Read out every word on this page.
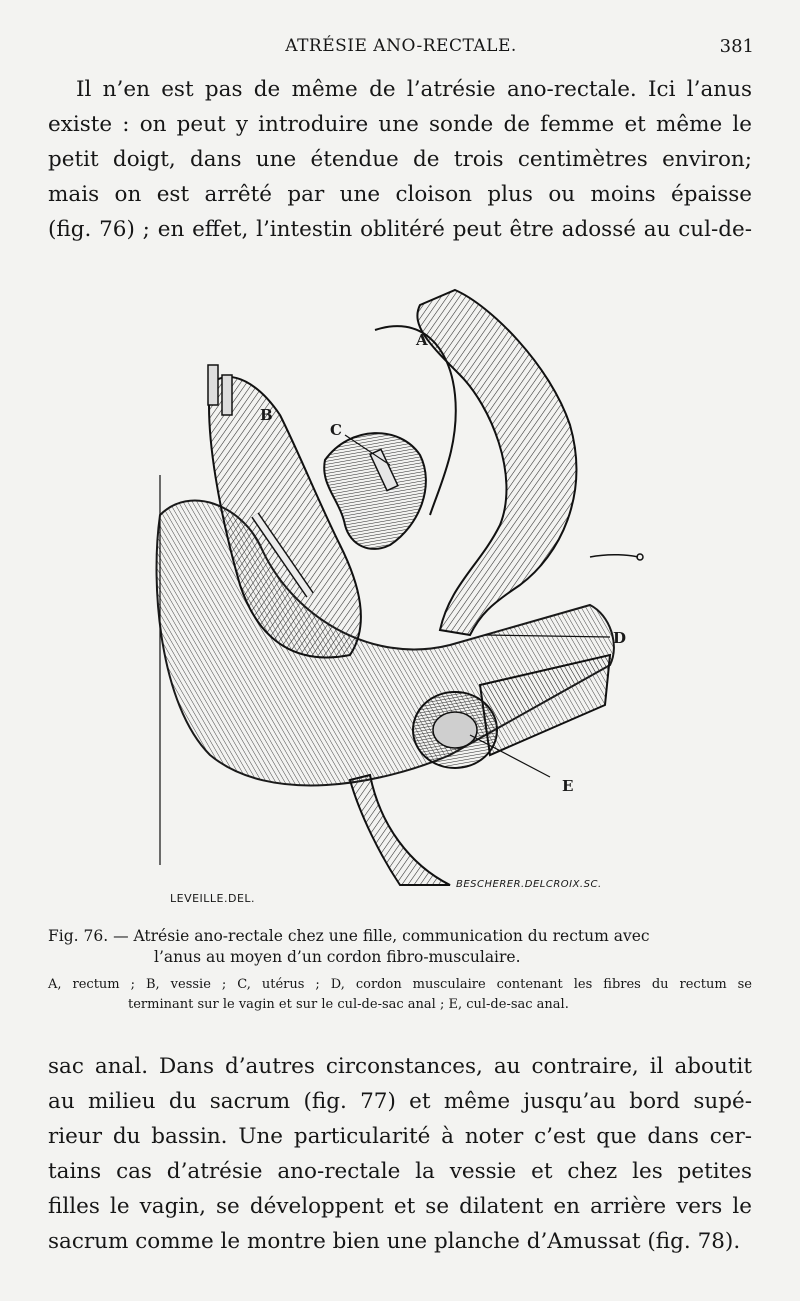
ATRÉSIE ANO-RECTALE.	381
Il n’en est pas de même de l’atrésie ano-rectale. Ici l’anus
existe : on peut y introduire une sonde de femme et même le
petit doigt, dans une étendue de trois centimètres environ;
mais on est arrêté par une cloison plus ou moins épaisse
(fig. 76) ; en effet, l’intestin oblitéré peut être adossé au cul-de-
A
B
C
D
E
LEVEILLE.DEL.
BESCHERER.DELCROIX.SC.
Fig. 76. — Atrésie ano-rectale chez une fille, communication du rectum avec
l’anus au moyen d’un cordon fibro-musculaire.
A, rectum ; B, vessie ; C, utérus ; D, cordon musculaire contenant les fibres du rectum se
terminant sur le vagin et sur le cul-de-sac anal ; E, cul-de-sac anal.
sac anal. Dans d’autres circonstances, au contraire, il aboutit
au milieu du sacrum (fig. 77) et même jusqu’au bord supé-
rieur du bassin. Une particularité à noter c’est que dans cer-
tains cas d’atrésie ano-rectale la vessie et chez les petites
filles le vagin, se développent et se dilatent en arrière vers le
sacrum comme le montre bien une planche d’Amussat (fig. 78).
